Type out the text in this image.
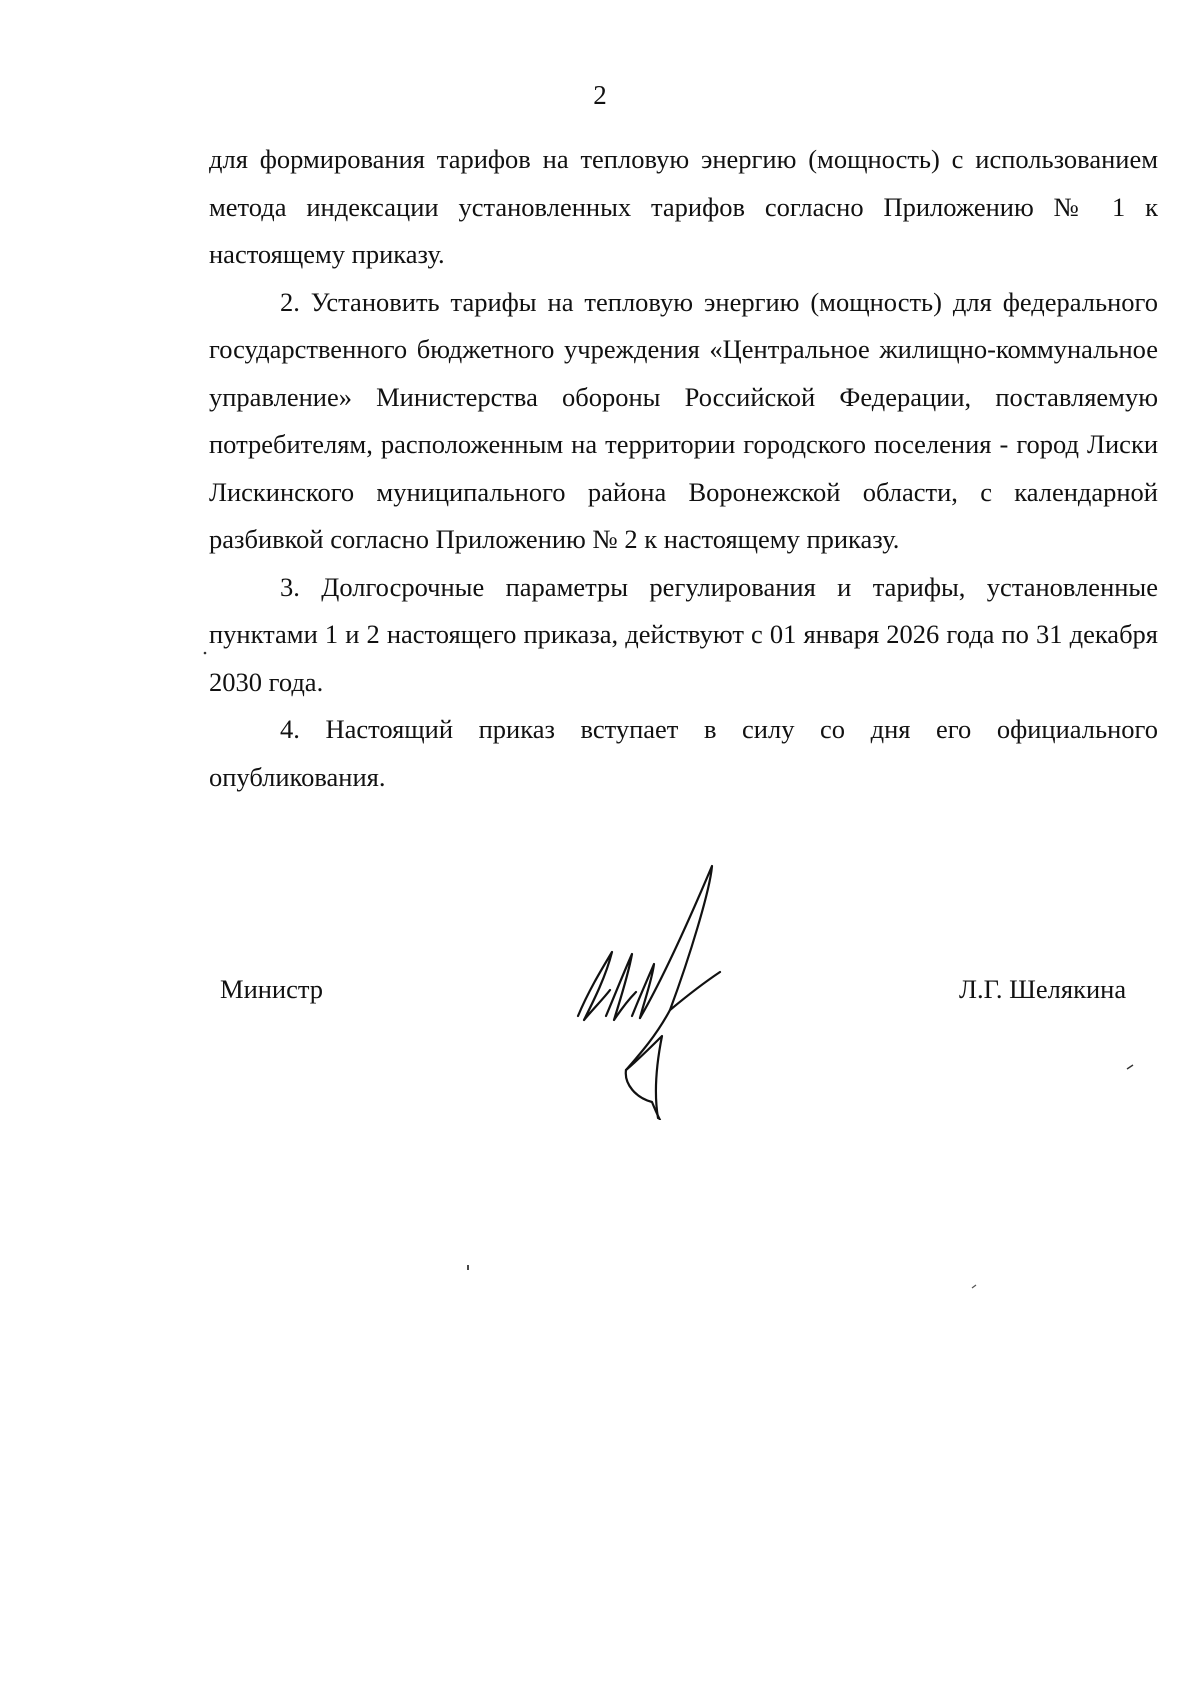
2

для формирования тарифов на тепловую энергию (мощность) с использованием метода индексации установленных тарифов согласно Приложению № 1 к настоящему приказу.

2. Установить тарифы на тепловую энергию (мощность) для федерального государственного бюджетного учреждения «Центральное жилищно-коммунальное управление» Министерства обороны Российской Федерации, поставляемую потребителям, расположенным на территории городского поселения - город Лиски Лискинского муниципального района Воронежской области, с календарной разбивкой согласно Приложению № 2 к настоящему приказу.

3. Долгосрочные параметры регулирования и тарифы, установленные пунктами 1 и 2 настоящего приказа, действуют с 01 января 2026 года по 31 декабря 2030 года.

4. Настоящий приказ вступает в силу со дня его официального опубликования.

Министр	Л.Г. Шелякина
